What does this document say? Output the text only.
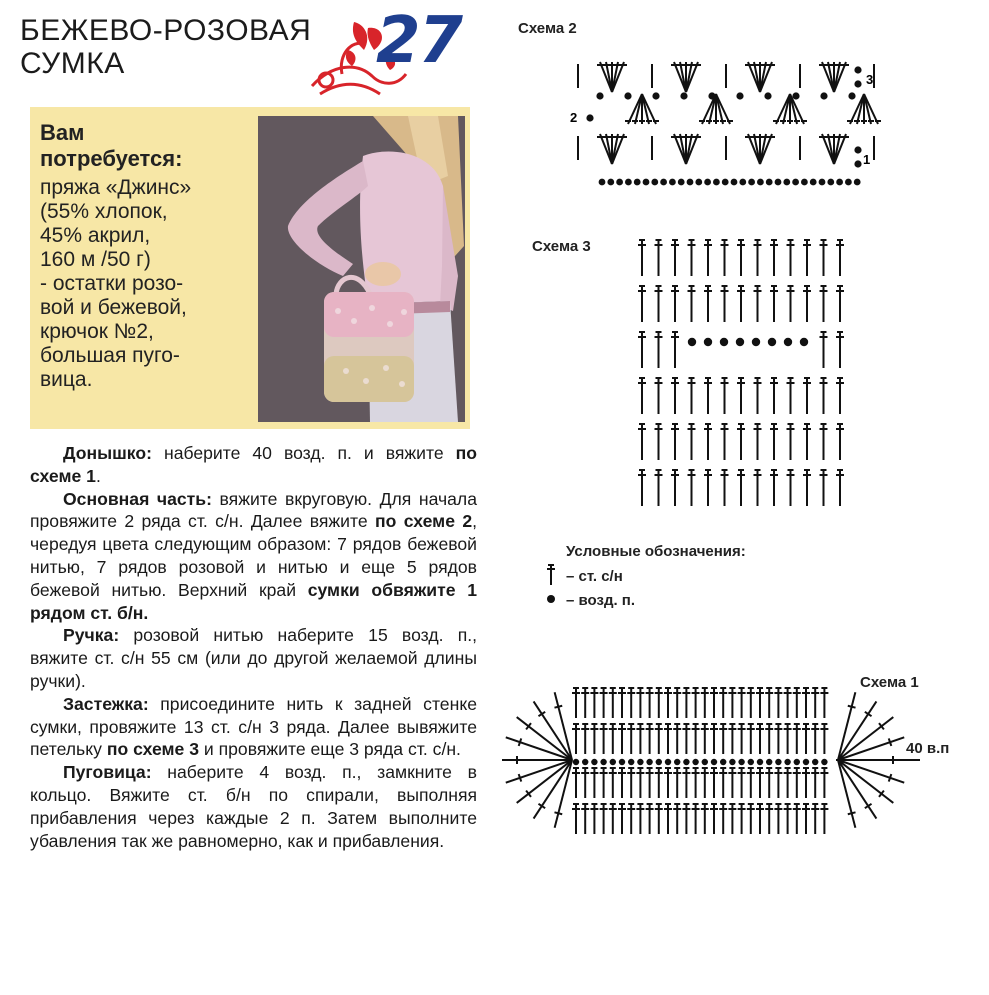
БЕЖЕВО-РОЗОВАЯ
СУМКА	27
Вам
потребуется:
пряжа «Джинс»
(55% хлопок,
45% акрил,
160 м /50 г)
- остатки розо-
вой и бежевой,
крючок №2,
большая пуго-
вица.

Донышко: наберите 40 возд. п. и вяжите по схеме 1.

Основная часть: вяжите вкруговую. Для начала провяжите 2 ряда ст. с/н. Далее вяжите по схеме 2, чередуя цвета следующим образом: 7 рядов бежевой нитью, 7 рядов розовой и нитью и еще 5 рядов бежевой нитью. Верхний край сумки обвяжите 1 рядом ст. б/н.

Ручка: розовой нитью наберите 15 возд. п., вяжите ст. с/н 55 см (или до другой желаемой длины ручки).

Застежка: присоедините нить к задней стенке сумки, провяжите 13 ст. с/н 3 ряда. Далее вывяжите петельку по схеме 3 и провяжите еще 3 ряда ст. с/н.

Пуговица: наберите 4 возд. п., замкните в кольцо. Вяжите ст. б/н по спирали, выполняя прибавления через каждые 2 п. Затем выполните убавления так же равномерно, как и прибавления.

Схема 2
3
2
1
Схема 3
Условные обозначения:
– ст. с/н
– возд. п.
Схема 1
40 в.п
